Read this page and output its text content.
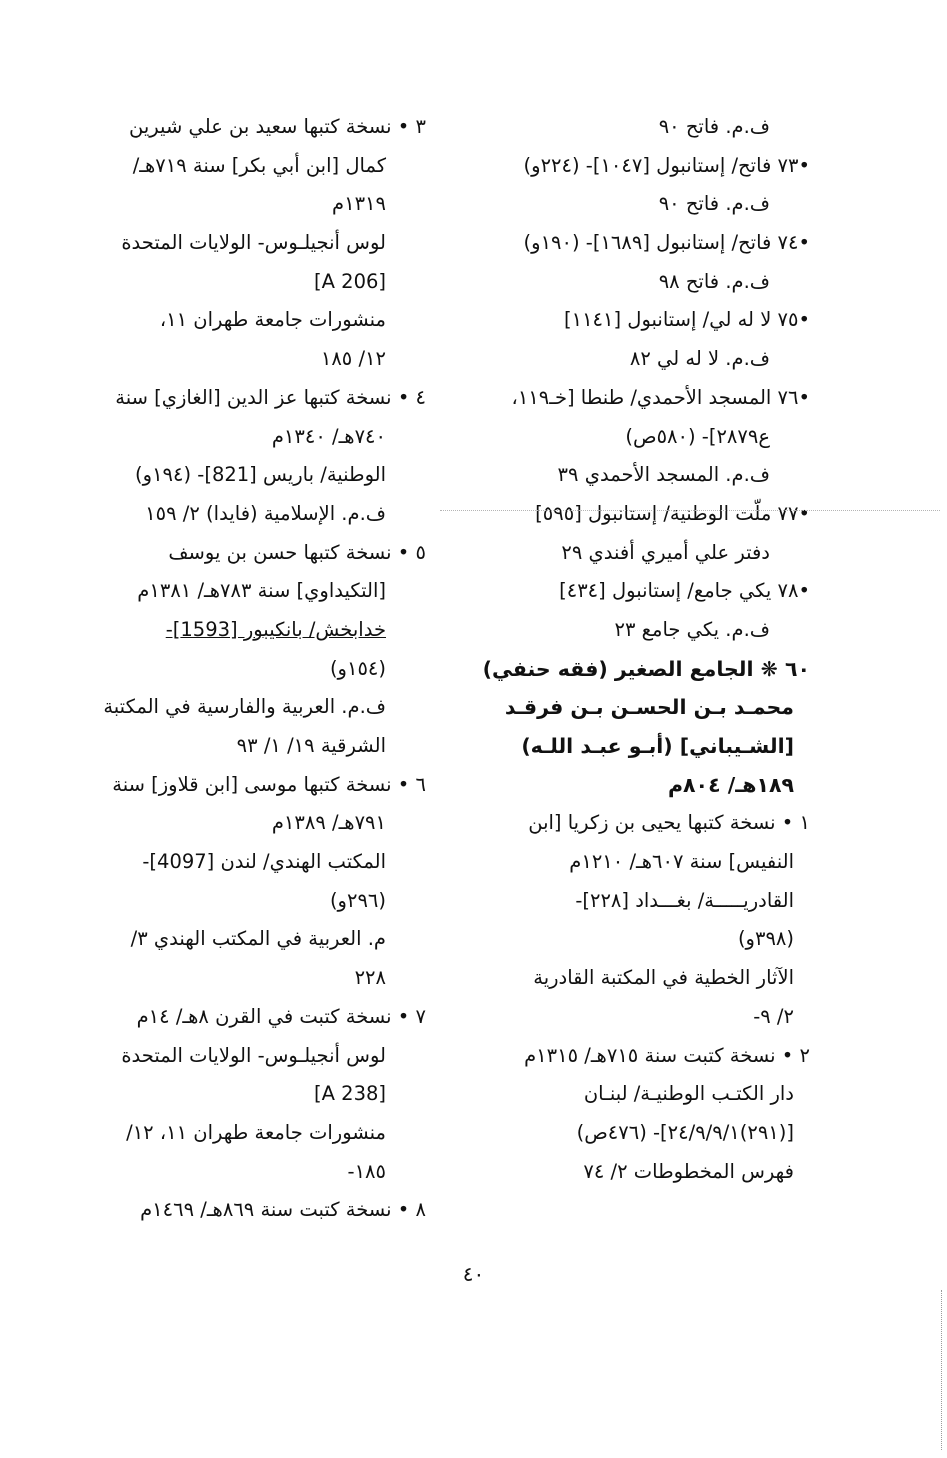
ف.م. فاتح ٩٠
•٧٣ فاتح/ إستانبول [١٠٤٧]- (٢٢٤و)
ف.م. فاتح ٩٠
•٧٤ فاتح/ إستانبول [١٦٨٩]- (١٩٠و)
ف.م. فاتح ٩٨
•٧٥ لا له لي/ إستانبول [١١٤١]
ف.م. لا له لي ٨٢
•٧٦ المسجد الأحمدي/ طنطا [خـ١١٩،
ع٢٨٧٩]- (٥٨٠ص)
ف.م. المسجد الأحمدي ٣٩
•٧٧ ملّت الوطنية/ إستانبول [٥٩٥]
دفتر علي أميري أفندي ٢٩
•٧٨ يكي جامع/ إستانبول [٤٣٤]
ف.م. يكي جامع ٢٣
٦٠ ❋ الجامع الصغير (فقه حنفي)
محمـد بـن الحسـن بـن فرقـد
[الشـيباني] (أبـو عبـد اللـه)
١٨٩هـ/ ٨٠٤م
١ • نسخة كتبها يحيى بن زكريا [ابن
النفيس] سنة ٦٠٧هـ/ ١٢١٠م
القادريـــــة/ بغـــداد [٢٢٨]-
(٣٩٨و)
الآثار الخطية في المكتبة القادرية
٢/ ٩-
٢ • نسخة كتبت سنة ٧١٥هـ/ ١٣١٥م
دار الكتـب الوطنيـة/ لبنـان
[(٢٩١)٢٤/٩/٩/١]- (٤٧٦ص)
فهرس المخطوطات ٢/ ٧٤
٣ • نسخة كتبها سعيد بن علي شيرين
كمال [ابن أبي بكر] سنة ٧١٩هـ/
١٣١٩م
لوس أنجيلـوس- الولايات المتحدة
[A 206]
منشورات جامعة طهران ١١،
١٢/ ١٨٥
٤ • نسخة كتبها عز الدين [الغازي] سنة
٧٤٠هـ/ ١٣٤٠م
الوطنية/ باريس [821]- (١٩٤و)
ف.م. الإسلامية (فايدا) ٢/ ١٥٩
٥ • نسخة كتبها حسن بن يوسف
[التكيداوي] سنة ٧٨٣هـ/ ١٣٨١م
خدابخش/ بانكيبور [1593]-
(١٥٤و)
ف.م. العربية والفارسية في المكتبة
الشرقية ١٩/ ١/ ٩٣
٦ • نسخة كتبها موسى [ابن قلاوز] سنة
٧٩١هـ/ ١٣٨٩م
المكتب الهندي/ لندن [4097]-
(٢٩٦و)
م. العربية في المكتب الهندي ٣/
٢٢٨
٧ • نسخة كتبت في القرن ٨هـ/ ١٤م
لوس أنجيلـوس- الولايات المتحدة
[A 238]
منشورات جامعة طهران ١١، ١٢/
١٨٥-
٨ • نسخة كتبت سنة ٨٦٩هـ/ ١٤٦٩م
٤٠
